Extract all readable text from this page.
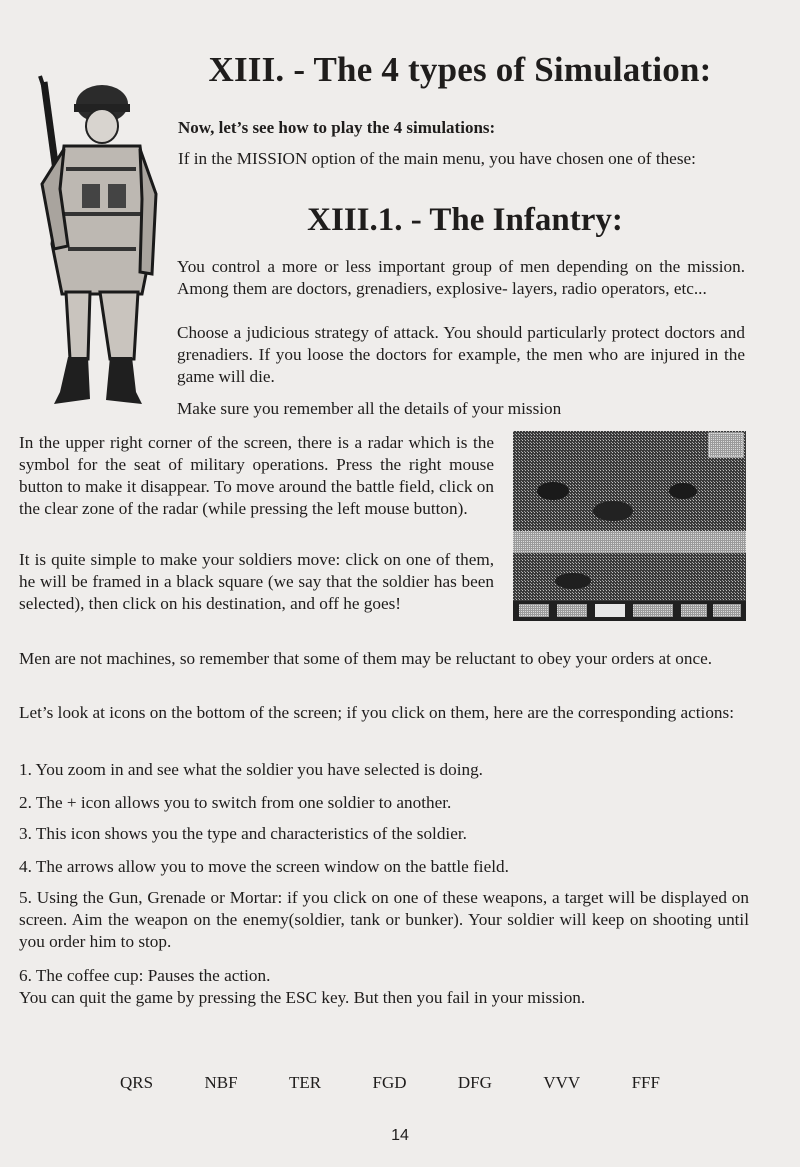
XIII. - The 4 types of Simulation:
Now, let’s see how to play the 4 simulations:
If in the MISSION option of the main menu, you have chosen one of these:
XIII.1. - The Infantry:

You control a more or less important group of men depending on the mission. Among them are doctors, grenadiers, explosive- layers, radio operators, etc...

Choose a judicious strategy of attack. You should particularly protect doctors and grenadiers. If you loose the doctors for example, the men who are injured in the game will die.

Make sure you remember all the details of your mission

In the upper right corner of the screen, there is a radar which is the symbol for the seat of military operations. Press the right mouse button to make it disappear. To move around the battle field, click on the clear zone of the radar (while pressing the left mouse button).

It is quite simple to make your soldiers move: click on one of them, he will be framed in a black square (we say that the soldier has been selected), then click on his destination, and off he goes!

Men are not machines, so remember that some of them may be reluctant to obey your orders at once.

Let’s look at icons on the bottom of the screen; if you click on them, here are the corresponding actions:

1. You zoom in and see what the soldier you have selected is doing.
2. The + icon allows you to switch from one soldier to another.
3. This icon shows you the type and characteristics of the soldier.
4. The arrows allow you to move the screen window on the battle field.
5. Using the Gun, Grenade or Mortar: if you click on one of these weapons, a target will be displayed on screen. Aim the weapon on the enemy(soldier, tank or bunker). Your soldier will keep on shooting until you order him to stop.
6. The coffee cup: Pauses the action.
You can quit the game by pressing the ESC key. But then you fail in your mission.
QRS	NBF	TER	FGD	DFG	VVV	FFF
14
